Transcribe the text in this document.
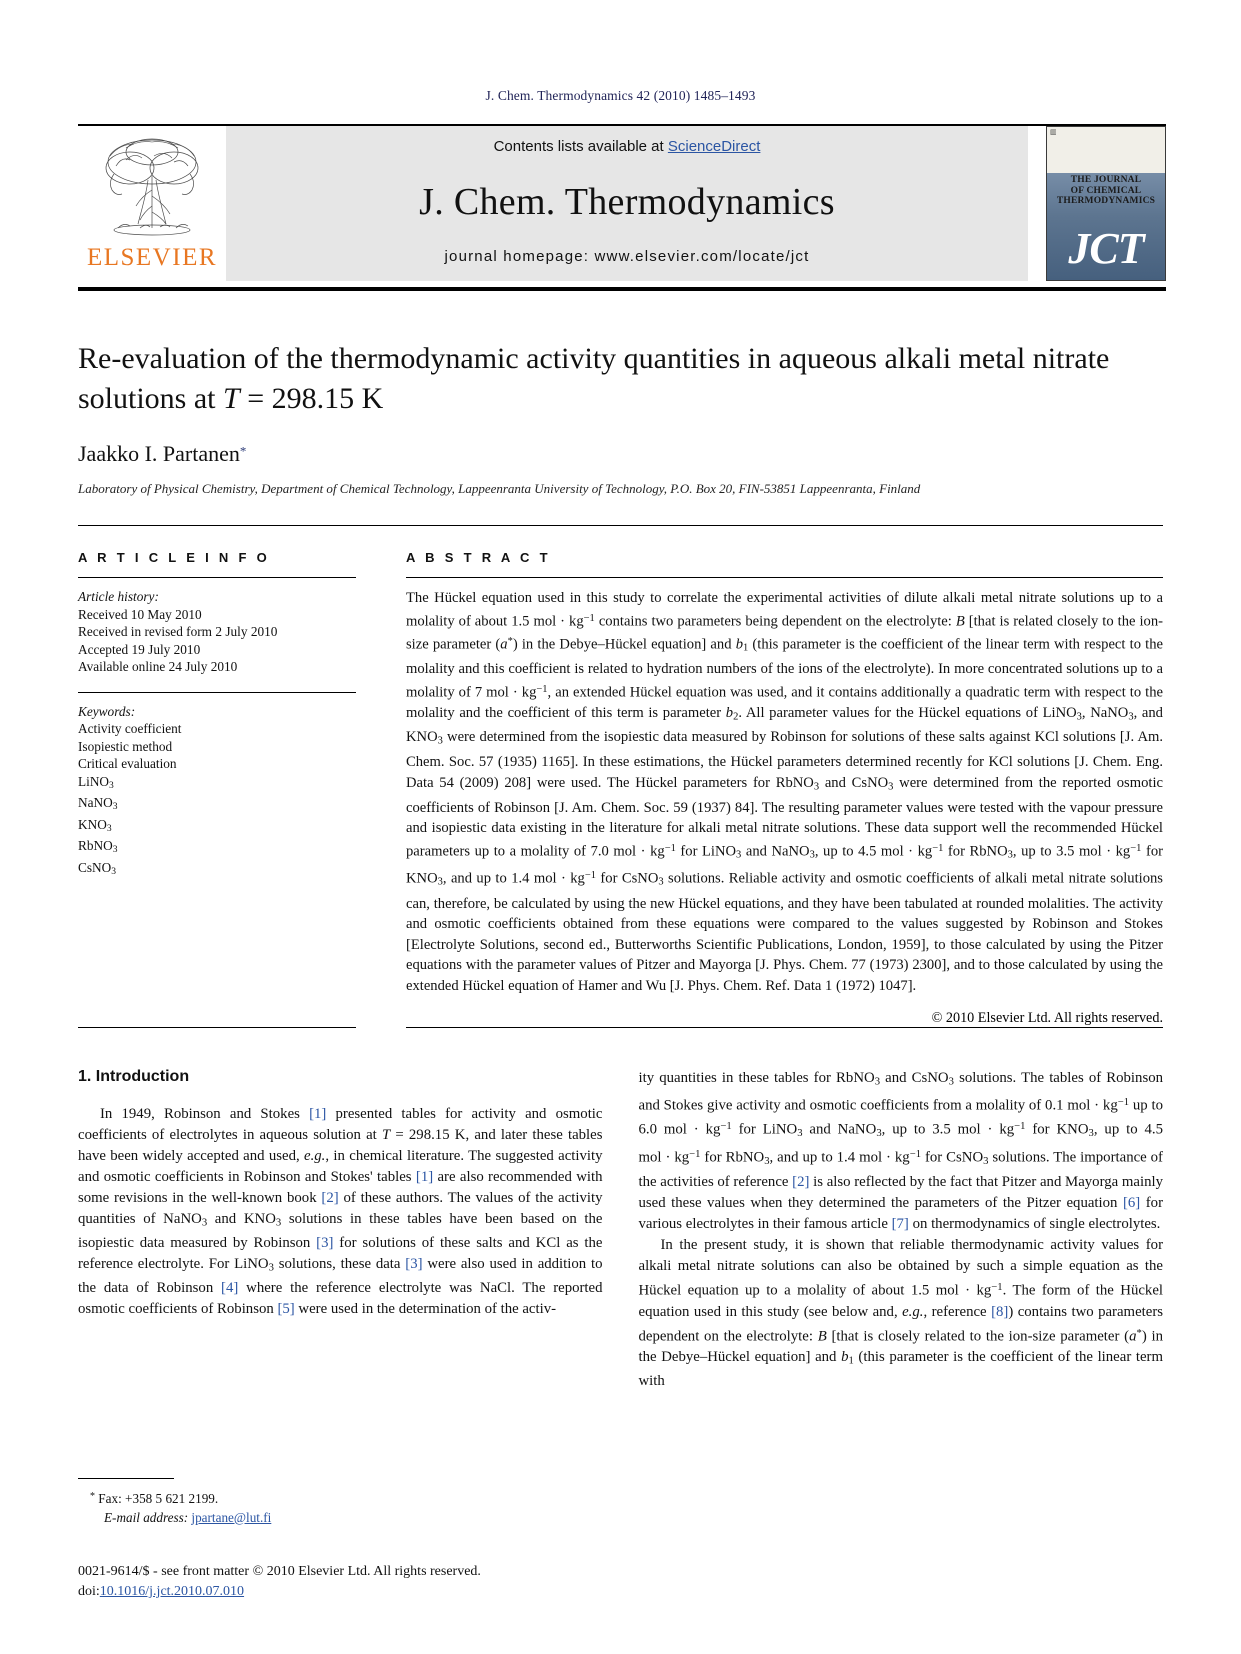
J. Chem. Thermodynamics 42 (2010) 1485–1493
ELSEVIER
Contents lists available at ScienceDirect
J. Chem. Thermodynamics
journal homepage: www.elsevier.com/locate/jct
▥
THE JOURNAL
OF CHEMICAL
THERMODYNAMICS
JCT
Re-evaluation of the thermodynamic activity quantities in aqueous alkali metal nitrate solutions at T = 298.15 K
Jaakko I. Partanen*
Laboratory of Physical Chemistry, Department of Chemical Technology, Lappeenranta University of Technology, P.O. Box 20, FIN-53851 Lappeenranta, Finland
A R T I C L E I N F O
Article history:
Received 10 May 2010
Received in revised form 2 July 2010
Accepted 19 July 2010
Available online 24 July 2010
Keywords:
Activity coefficient
Isopiestic method
Critical evaluation
LiNO$_3$
NaNO$_3$
$KNO_3$
RbNO$_3$
CsNO$_3$
A B S T R A C T
The Hückel equation used in this study to correlate the experimental activities of dilute alkali metal nitrate solutions up to a molality of about 1.5 mol · $kg^{-1}$ contains two parameters being dependent on the electrolyte: B [that is related closely to the ion-size parameter (a*) in the Debye–Hückel equation] and $b_1$ (this parameter is the coefficient of the linear term with respect to the molality and this coefficient is related to hydration numbers of the ions of the electrolyte). In more concentrated solutions up to a molality of 7 mol · $kg^{-1}$, an extended Hückel equation was used, and it contains additionally a quadratic term with respect to the molality and the coefficient of this term is parameter $b_2$. All parameter values for the Hückel equations of LiNO$_3$, NaNO$_3$, and $KNO_3$ were determined from the isopiestic data measured by Robinson for solutions of these salts against KCl solutions [J. Am. Chem. Soc. 57 (1935) 1165]. In these estimations, the Hückel parameters determined recently for KCl solutions [J. Chem. Eng. Data 54 (2009) 208] were used. The Hückel parameters for RbNO$_3$ and CsNO$_3$ were determined from the reported osmotic coefficients of Robinson [J. Am. Chem. Soc. 59 (1937) 84]. The resulting parameter values were tested with the vapour pressure and isopiestic data existing in the literature for alkali metal nitrate solutions. These data support well the recommended Hückel parameters up to a molality of 7.0 mol · $kg^{-1}$ for LiNO$_3$ and NaNO$_3$, up to 4.5 mol · $kg^{-1}$ for RbNO$_3$, up to 3.5 mol · $kg^{-1}$ for $KNO_3$, and up to 1.4 mol · $kg^{-1}$ for CsNO$_3$ solutions. Reliable activity and osmotic coefficients of alkali metal nitrate solutions can, therefore, be calculated by using the new Hückel equations, and they have been tabulated at rounded molalities. The activity and osmotic coefficients obtained from these equations were compared to the values suggested by Robinson and Stokes [Electrolyte Solutions, second ed., Butterworths Scientific Publications, London, 1959], to those calculated by using the Pitzer equations with the parameter values of Pitzer and Mayorga [J. Phys. Chem. 77 (1973) 2300], and to those calculated by using the extended Hückel equation of Hamer and Wu [J. Phys. Chem. Ref. Data 1 (1972) 1047].
© 2010 Elsevier Ltd. All rights reserved.
1. Introduction

In 1949, Robinson and Stokes [1] presented tables for activity and osmotic coefficients of electrolytes in aqueous solution at T = 298.15 K, and later these tables have been widely accepted and used, e.g., in chemical literature. The suggested activity and osmotic coefficients in Robinson and Stokes' tables [1] are also recommended with some revisions in the well-known book [2] of these authors. The values of the activity quantities of NaNO$_3$ and $KNO_3$ solutions in these tables have been based on the isopiestic data measured by Robinson [3] for solutions of these salts and KCl as the reference electrolyte. For LiNO$_3$ solutions, these data [3] were also used in addition to the data of Robinson [4] where the reference electrolyte was NaCl. The reported osmotic coefficients of Robinson [5] were used in the determination of the activ-

ity quantities in these tables for RbNO$_3$ and CsNO$_3$ solutions. The tables of Robinson and Stokes give activity and osmotic coefficients from a molality of 0.1 mol · $kg^{-1}$ up to 6.0 mol · $kg^{-1}$ for LiNO$_3$ and NaNO$_3$, up to 3.5 mol · $kg^{-1}$ for $KNO_3$, up to 4.5 mol · $kg^{-1}$ for RbNO$_3$, and up to 1.4 mol · $kg^{-1}$ for CsNO$_3$ solutions. The importance of the activities of reference [2] is also reflected by the fact that Pitzer and Mayorga mainly used these values when they determined the parameters of the Pitzer equation [6] for various electrolytes in their famous article [7] on thermodynamics of single electrolytes.

In the present study, it is shown that reliable thermodynamic activity values for alkali metal nitrate solutions can also be obtained by such a simple equation as the Hückel equation up to a molality of about 1.5 mol · $kg^{-1}$. The form of the Hückel equation used in this study (see below and, e.g., reference [8]) contains two parameters dependent on the electrolyte: B [that is closely related to the ion-size parameter (a*) in the Debye–Hückel equation] and $b_1$ (this parameter is the coefficient of the linear term with

* Fax: +358 5 621 2199.
E-mail address: jpartane@lut.fi
0021-9614/$ - see front matter © 2010 Elsevier Ltd. All rights reserved.
doi:10.1016/j.jct.2010.07.010
